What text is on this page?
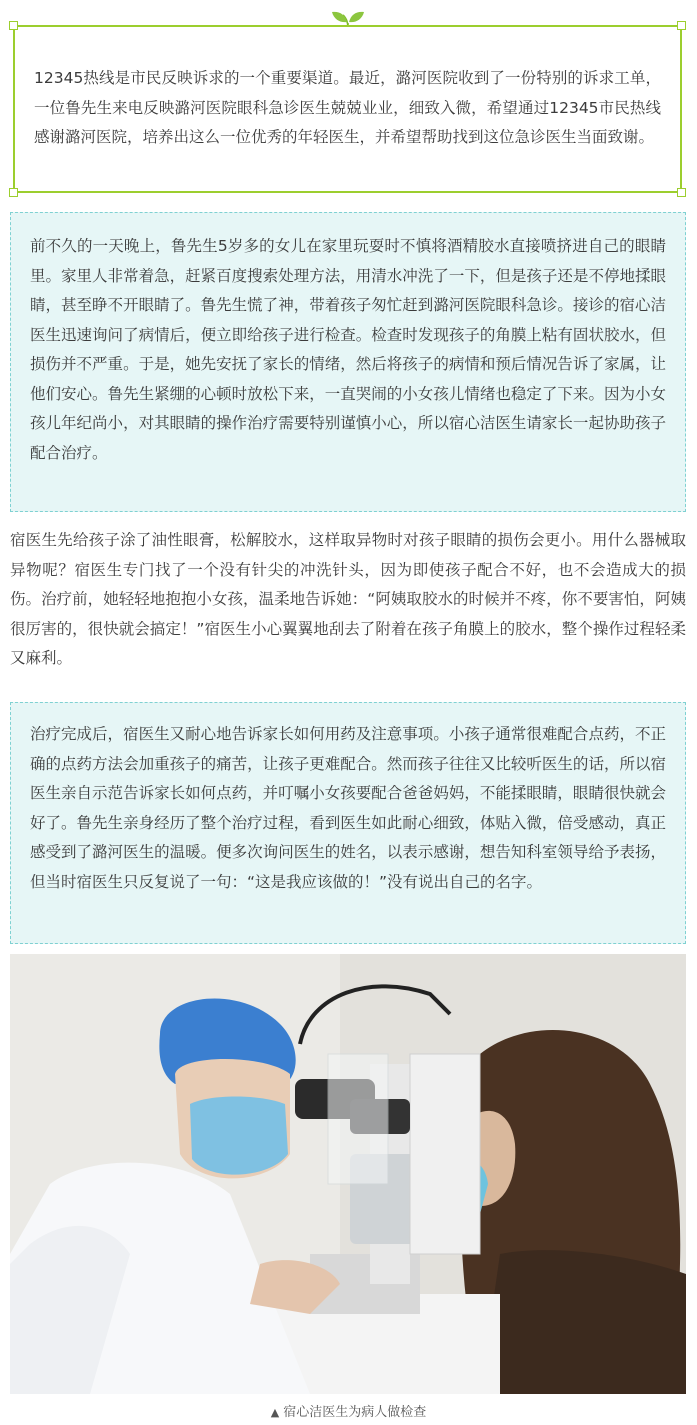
12345热线是市民反映诉求的一个重要渠道。最近，潞河医院收到了一份特别的诉求工单，一位鲁先生来电反映潞河医院眼科急诊医生兢兢业业，细致入微，希望通过12345市民热线感谢潞河医院，培养出这么一位优秀的年轻医生，并希望帮助找到这位急诊医生当面致谢。

前不久的一天晚上，鲁先生5岁多的女儿在家里玩耍时不慎将酒精胶水直接喷挤进自己的眼睛里。家里人非常着急，赶紧百度搜索处理方法，用清水冲洗了一下，但是孩子还是不停地揉眼睛，甚至睁不开眼睛了。鲁先生慌了神，带着孩子匆忙赶到潞河医院眼科急诊。接诊的宿心洁医生迅速询问了病情后，便立即给孩子进行检查。检查时发现孩子的角膜上粘有固状胶水，但损伤并不严重。于是，她先安抚了家长的情绪，然后将孩子的病情和预后情况告诉了家属，让他们安心。鲁先生紧绷的心顿时放松下来，一直哭闹的小女孩儿情绪也稳定了下来。因为小女孩儿年纪尚小，对其眼睛的操作治疗需要特别谨慎小心，所以宿心洁医生请家长一起协助孩子配合治疗。

宿医生先给孩子涂了油性眼膏，松解胶水，这样取异物时对孩子眼睛的损伤会更小。用什么器械取异物呢？宿医生专门找了一个没有针尖的冲洗针头，因为即使孩子配合不好，也不会造成大的损伤。治疗前，她轻轻地抱抱小女孩，温柔地告诉她：“阿姨取胶水的时候并不疼，你不要害怕，阿姨很厉害的，很快就会搞定！”宿医生小心翼翼地刮去了附着在孩子角膜上的胶水，整个操作过程轻柔又麻利。

治疗完成后，宿医生又耐心地告诉家长如何用药及注意事项。小孩子通常很难配合点药，不正确的点药方法会加重孩子的痛苦，让孩子更难配合。然而孩子往往又比较听医生的话，所以宿医生亲自示范告诉家长如何点药，并叮嘱小女孩要配合爸爸妈妈，不能揉眼睛，眼睛很快就会好了。鲁先生亲身经历了整个治疗过程，看到医生如此耐心细致，体贴入微，倍受感动，真正感受到了潞河医生的温暖。便多次询问医生的姓名，以表示感谢，想告知科室领导给予表扬，但当时宿医生只反复说了一句：“这是我应该做的！”没有说出自己的名字。

▲ 宿心洁医生为病人做检查
